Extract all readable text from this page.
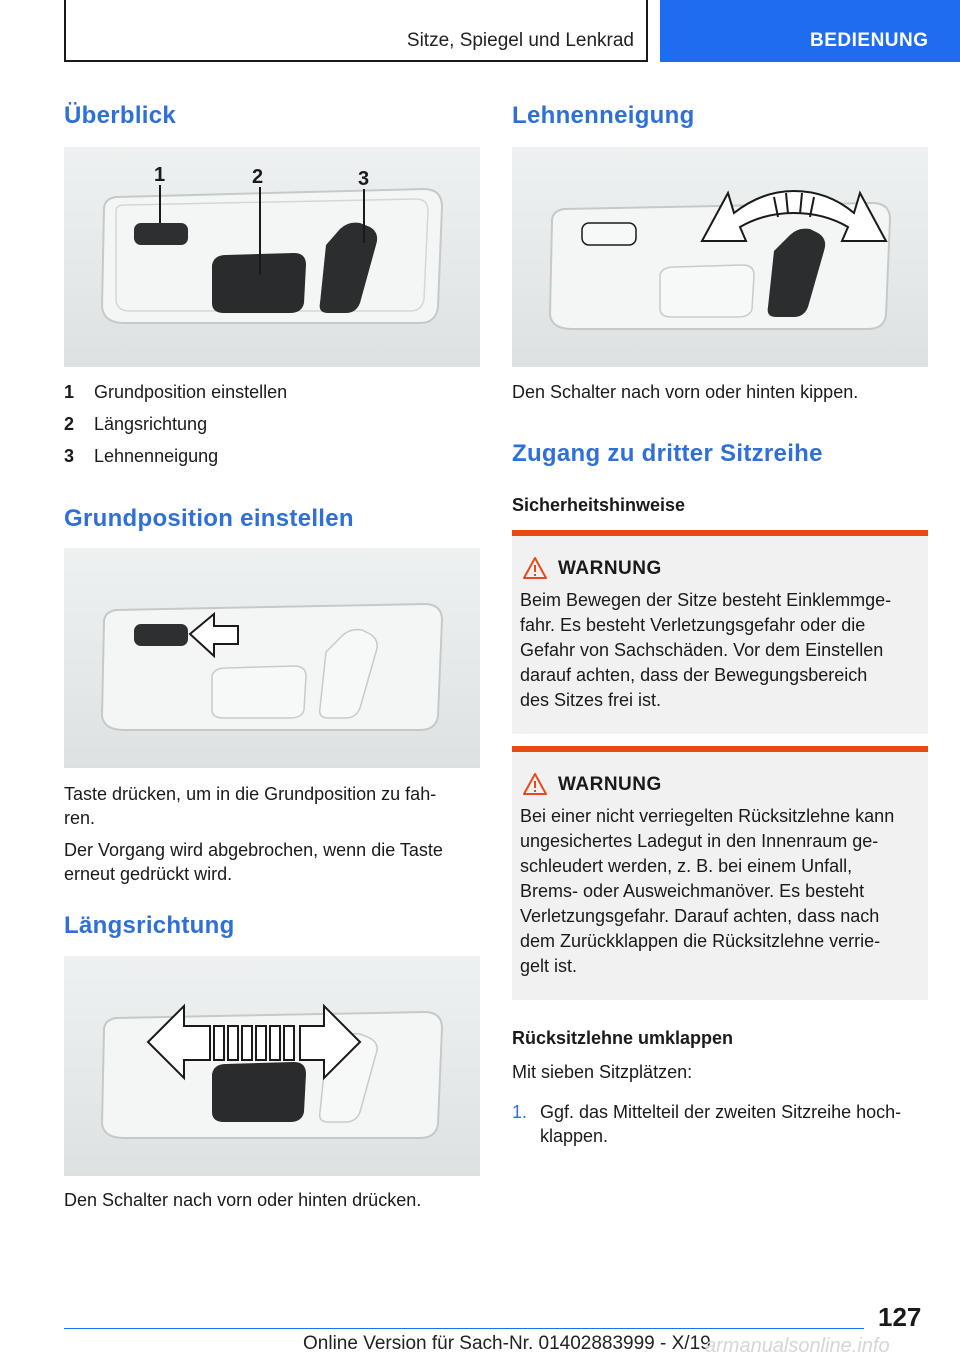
Sitze, Spiegel und Lenkrad	BEDIENUNG
Überblick
1	2	3
1 Grundposition einstellen
2 Längsrichtung
3 Lehnenneigung
Grundposition einstellen

Taste drücken, um in die Grundposition zu fah-

ren.

Der Vorgang wird abgebrochen, wenn die Taste

erneut gedrückt wird.

Längsrichtung

Den Schalter nach vorn oder hinten drücken.

Lehnenneigung

Den Schalter nach vorn oder hinten kippen.

Zugang zu dritter Sitzreihe
Sicherheitshinweise
WARNUNG
Beim Bewegen der Sitze besteht Einklemmge-
fahr. Es besteht Verletzungsgefahr oder die
Gefahr von Sachschäden. Vor dem Einstellen
darauf achten, dass der Bewegungsbereich
des Sitzes frei ist.
WARNUNG
Bei einer nicht verriegelten Rücksitzlehne kann
ungesichertes Ladegut in den Innenraum ge-
schleudert werden, z. B. bei einem Unfall,
Brems- oder Ausweichmanöver. Es besteht
Verletzungsgefahr. Darauf achten, dass nach
dem Zurückklappen die Rücksitzlehne verrie-
gelt ist.
Rücksitzlehne umklappen

Mit sieben Sitzplätzen:

1. Ggf. das Mittelteil der zweiten Sitzreihe hoch-
klappen.
127
Online Version für Sach-Nr. 01402883999 - X/19
armanualsonline.info
